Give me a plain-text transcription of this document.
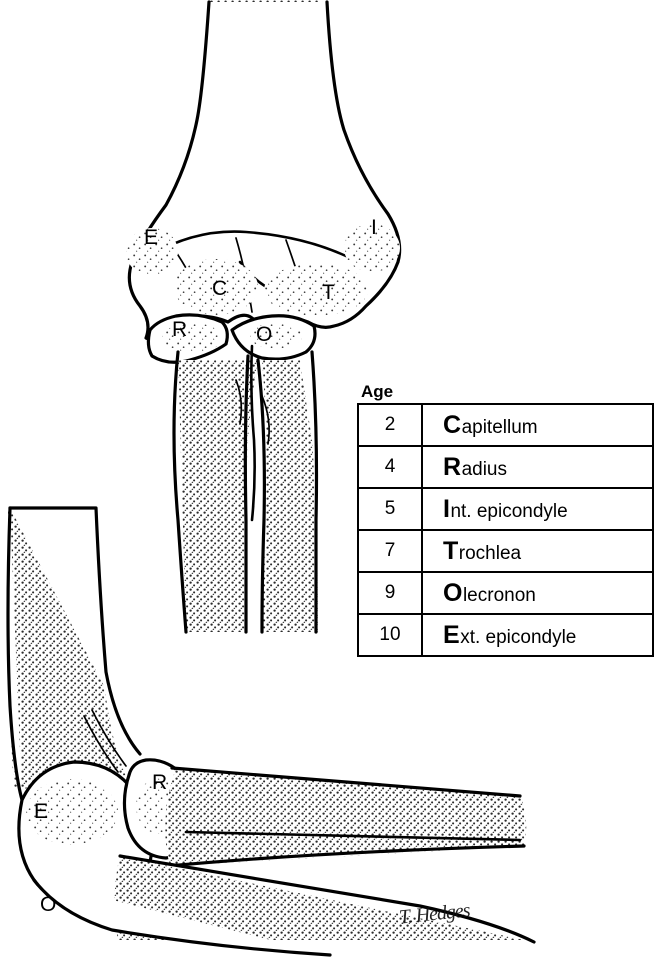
E	I
C	T
R	O
R
E
O	T. Hedges
Age
2	Capitellum
4	Radius
5	Int. epicondyle
7	Trochlea
9	Olecronon
10	Ext. epicondyle
